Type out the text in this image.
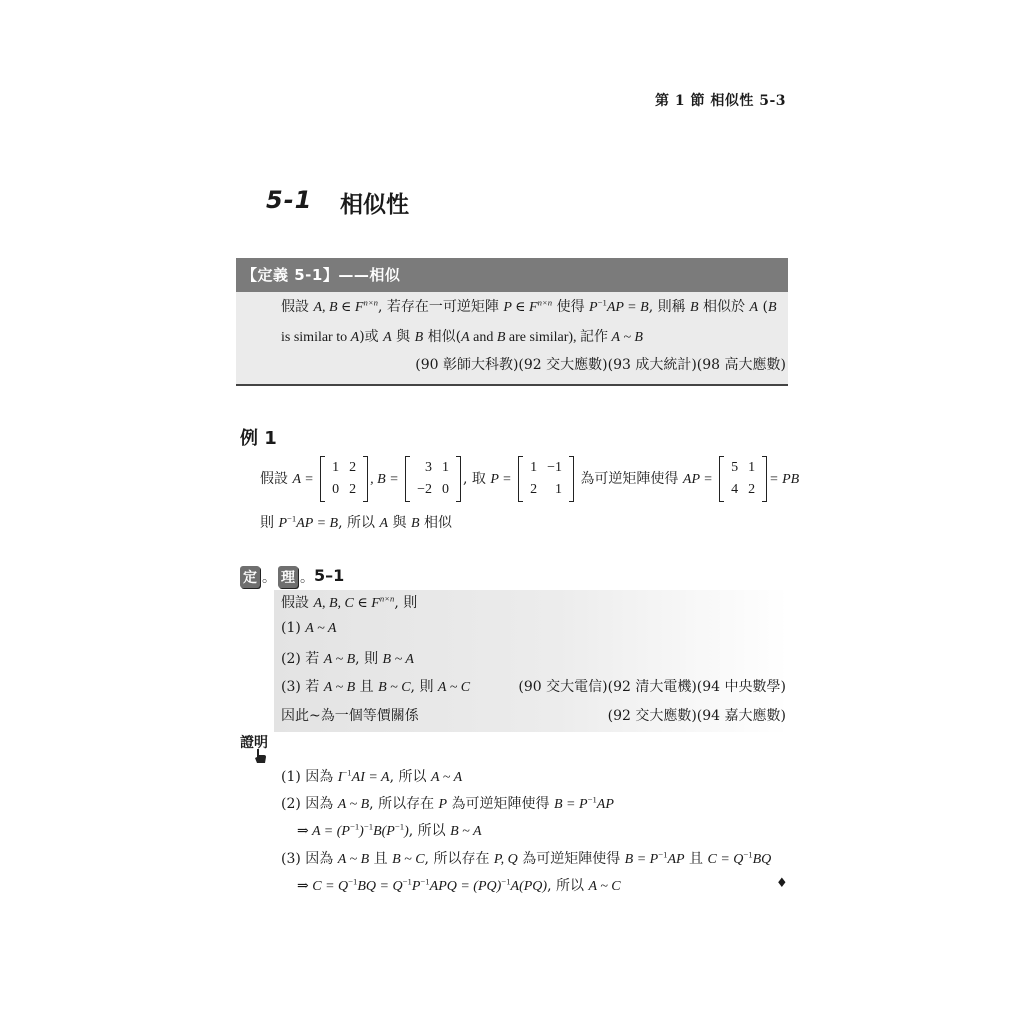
第 1 節 相似性 5-3
5-1 相似性
【定義 5-1】——相似
假設 A, B ∈ $F^{n\times n}$, 若存在一可逆矩陣 P ∈ $F^{n\times n}$ 使得 $P^{-1}AP = B$, 則稱 B 相似於 A (B
is similar to A)或 A 與 B 相似(A and B are similar), 記作 A ~ B
(90 彰師大科教)(92 交大應數)(93 成大統計)(98 高大應數)
例 1
假設 A =
1	2
0	2
, B =
3	1
−2	0
, 取 P =
1	−1
2	1
為可逆矩陣使得 AP =
5	1
4	2
= PB
則 $P^{-1}AP = B$, 所以 A 與 B 相似
定 。 理 。 5–1
假設 A, B, C ∈ $F^{n\times n}$, 則
(1) A ~ A
(2) 若 A ~ B, 則 B ~ A
(3) 若 A ~ B 且 B ~ C, 則 A ~ C	(90 交大電信)(92 清大電機)(94 中央數學)
因此~為一個等價關係	(92 交大應數)(94 嘉大應數)
證明
(1) 因為 $I^{-1}AI = A$, 所以 A ~ A
(2) 因為 A ~ B, 所以存在 P 為可逆矩陣使得 $B = P^{-1}AP$
⇒ $A = (P^{-1})^{-1}B(P^{-1})$, 所以 B ~ A
(3) 因為 A ~ B 且 B ~ C, 所以存在 P, Q 為可逆矩陣使得 $B = P^{-1}AP$ 且 $C = Q^{-1}BQ$
⇒ $C = Q^{-1}BQ = Q^{-1}P^{-1}APQ = (PQ)^{-1}A(PQ)$, 所以 A ~ C	♦
